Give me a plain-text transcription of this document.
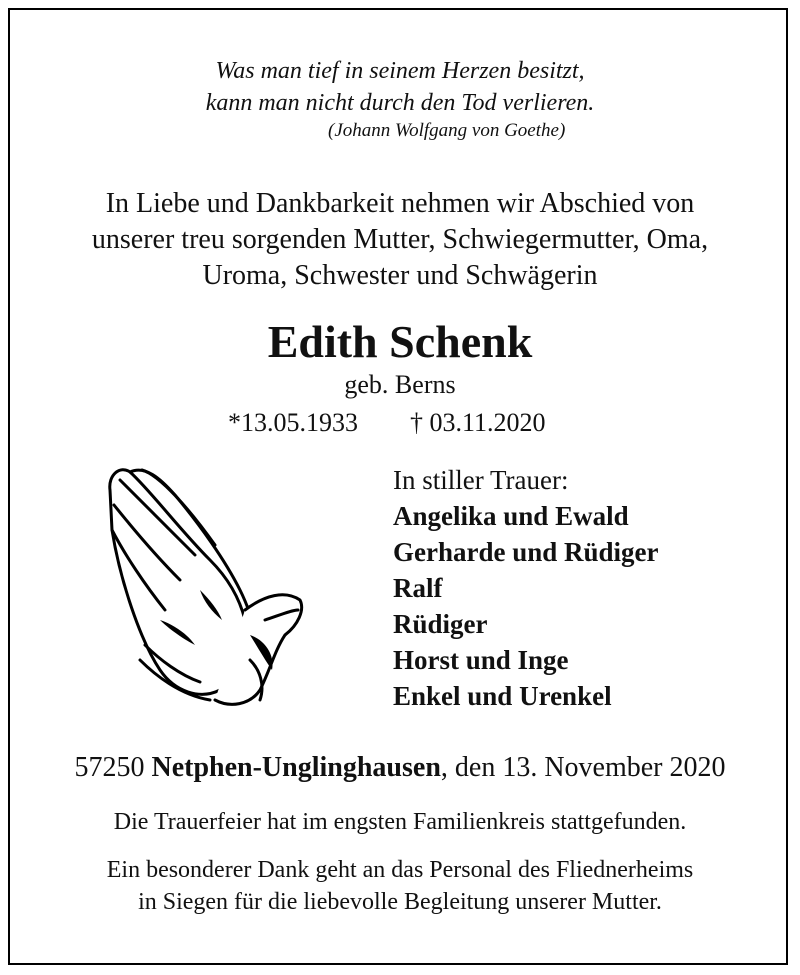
Was man tief in seinem Herzen besitzt,
kann man nicht durch den Tod verlieren.
(Johann Wolfgang von Goethe)
In Liebe und Dankbarkeit nehmen wir Abschied von
unserer treu sorgenden Mutter, Schwiegermutter, Oma,
Uroma, Schwester und Schwägerin
Edith Schenk
geb. Berns
*13.05.1933 † 03.11.2020
In stiller Trauer:
Angelika und Ewald
Gerharde und Rüdiger
Ralf
Rüdiger
Horst und Inge
Enkel und Urenkel
57250 Netphen-Unglinghausen, den 13. November 2020
Die Trauerfeier hat im engsten Familienkreis stattgefunden.
Ein besonderer Dank geht an das Personal des Fliednerheims
in Siegen für die liebevolle Begleitung unserer Mutter.
